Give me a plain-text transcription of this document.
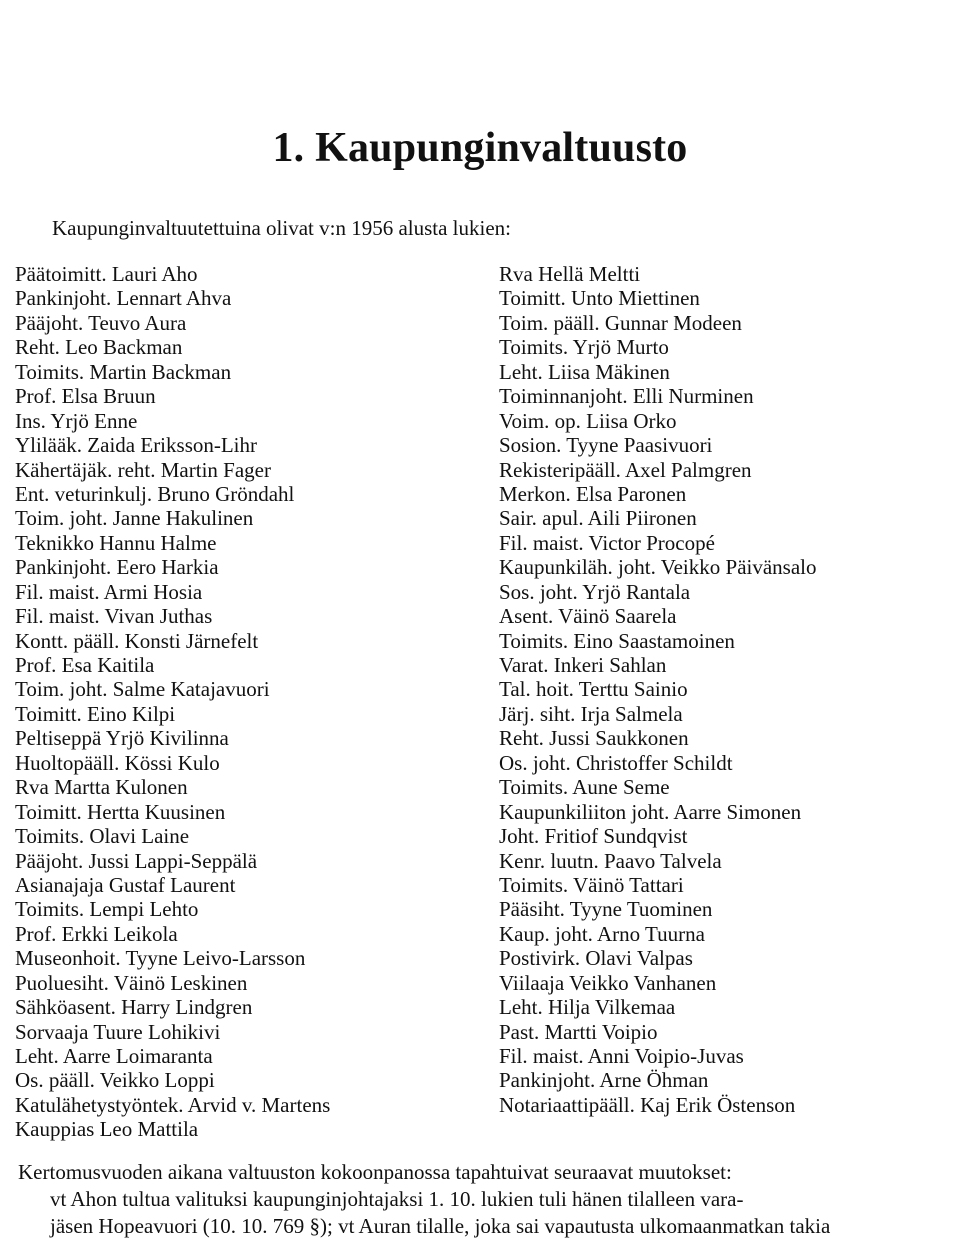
1. Kaupunginvaltuusto

Kaupunginvaltuutettuina olivat v:n 1956 alusta lukien:

Päätoimitt. Lauri Aho
Pankinjoht. Lennart Ahva
Pääjoht. Teuvo Aura
Reht. Leo Backman
Toimits. Martin Backman
Prof. Elsa Bruun
Ins. Yrjö Enne
Ylilääk. Zaida Eriksson-Lihr
Kähertäjäk. reht. Martin Fager
Ent. veturinkulj. Bruno Gröndahl
Toim. joht. Janne Hakulinen
Teknikko Hannu Halme
Pankinjoht. Eero Harkia
Fil. maist. Armi Hosia
Fil. maist. Vivan Juthas
Kontt. pääll. Konsti Järnefelt
Prof. Esa Kaitila
Toim. joht. Salme Katajavuori
Toimitt. Eino Kilpi
Peltiseppä Yrjö Kivilinna
Huoltopääll. Kössi Kulo
Rva Martta Kulonen
Toimitt. Hertta Kuusinen
Toimits. Olavi Laine
Pääjoht. Jussi Lappi-Seppälä
Asianajaja Gustaf Laurent
Toimits. Lempi Lehto
Prof. Erkki Leikola
Museonhoit. Tyyne Leivo-Larsson
Puoluesiht. Väinö Leskinen
Sähköasent. Harry Lindgren
Sorvaaja Tuure Lohikivi
Leht. Aarre Loimaranta
Os. pääll. Veikko Loppi
Katulähetystyöntek. Arvid v. Martens
Kauppias Leo Mattila
Rva Hellä Meltti
Toimitt. Unto Miettinen
Toim. pääll. Gunnar Modeen
Toimits. Yrjö Murto
Leht. Liisa Mäkinen
Toiminnanjoht. Elli Nurminen
Voim. op. Liisa Orko
Sosion. Tyyne Paasivuori
Rekisteripääll. Axel Palmgren
Merkon. Elsa Paronen
Sair. apul. Aili Piironen
Fil. maist. Victor Procopé
Kaupunkiläh. joht. Veikko Päivänsalo
Sos. joht. Yrjö Rantala
Asent. Väinö Saarela
Toimits. Eino Saastamoinen
Varat. Inkeri Sahlan
Tal. hoit. Terttu Sainio
Järj. siht. Irja Salmela
Reht. Jussi Saukkonen
Os. joht. Christoffer Schildt
Toimits. Aune Seme
Kaupunkiliiton joht. Aarre Simonen
Joht. Fritiof Sundqvist
Kenr. luutn. Paavo Talvela
Toimits. Väinö Tattari
Pääsiht. Tyyne Tuominen
Kaup. joht. Arno Tuurna
Postivirk. Olavi Valpas
Viilaaja Veikko Vanhanen
Leht. Hilja Vilkemaa
Past. Martti Voipio
Fil. maist. Anni Voipio-Juvas
Pankinjoht. Arne Öhman
Notariaattipääll. Kaj Erik Östenson
Kertomusvuoden aikana valtuuston kokoonpanossa tapahtuivat seuraavat muutokset:
vt Ahon tultua valituksi kaupunginjohtajaksi 1. 10. lukien tuli hänen tilalleen vara-
jäsen Hopeavuori (10. 10. 769 §); vt Auran tilalle, joka sai vapautusta ulkomaanmatkan takia
